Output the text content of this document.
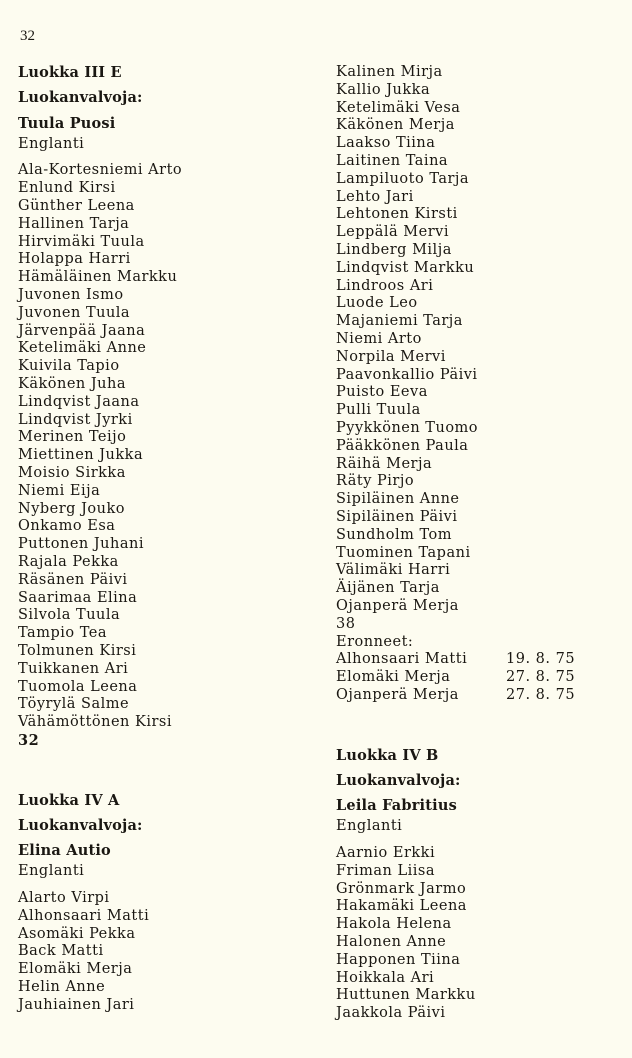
32
Luokka III E
Luokanvalvoja:
Tuula Puosi
Englanti
Ala-Kortesniemi Arto
Enlund Kirsi
Günther Leena
Hallinen Tarja
Hirvimäki Tuula
Holappa Harri
Hämäläinen Markku
Juvonen Ismo
Juvonen Tuula
Järvenpää Jaana
Ketelimäki Anne
Kuivila Tapio
Käkönen Juha
Lindqvist Jaana
Lindqvist Jyrki
Merinen Teijo
Miettinen Jukka
Moisio Sirkka
Niemi Eija
Nyberg Jouko
Onkamo Esa
Puttonen Juhani
Rajala Pekka
Räsänen Päivi
Saarimaa Elina
Silvola Tuula
Tampio Tea
Tolmunen Kirsi
Tuikkanen Ari
Tuomola Leena
Töyrylä Salme
Vähämöttönen Kirsi
32
Luokka IV A
Luokanvalvoja:
Elina Autio
Englanti
Alarto Virpi
Alhonsaari Matti
Asomäki Pekka
Back Matti
Elomäki Merja
Helin Anne
Jauhiainen Jari
Kalinen Mirja
Kallio Jukka
Ketelimäki Vesa
Käkönen Merja
Laakso Tiina
Laitinen Taina
Lampiluoto Tarja
Lehto Jari
Lehtonen Kirsti
Leppälä Mervi
Lindberg Milja
Lindqvist Markku
Lindroos Ari
Luode Leo
Majaniemi Tarja
Niemi Arto
Norpila Mervi
Paavonkallio Päivi
Puisto Eeva
Pulli Tuula
Pyykkönen Tuomo
Pääkkönen Paula
Räihä Merja
Räty Pirjo
Sipiläinen Anne
Sipiläinen Päivi
Sundholm Tom
Tuominen Tapani
Välimäki Harri
Äijänen Tarja
Ojanperä Merja
38
Eronneet:
Alhonsaari Matti	19. 8. 75
Elomäki Merja	27. 8. 75
Ojanperä Merja	27. 8. 75
Luokka IV B
Luokanvalvoja:
Leila Fabritius
Englanti
Aarnio Erkki
Friman Liisa
Grönmark Jarmo
Hakamäki Leena
Hakola Helena
Halonen Anne
Happonen Tiina
Hoikkala Ari
Huttunen Markku
Jaakkola Päivi
